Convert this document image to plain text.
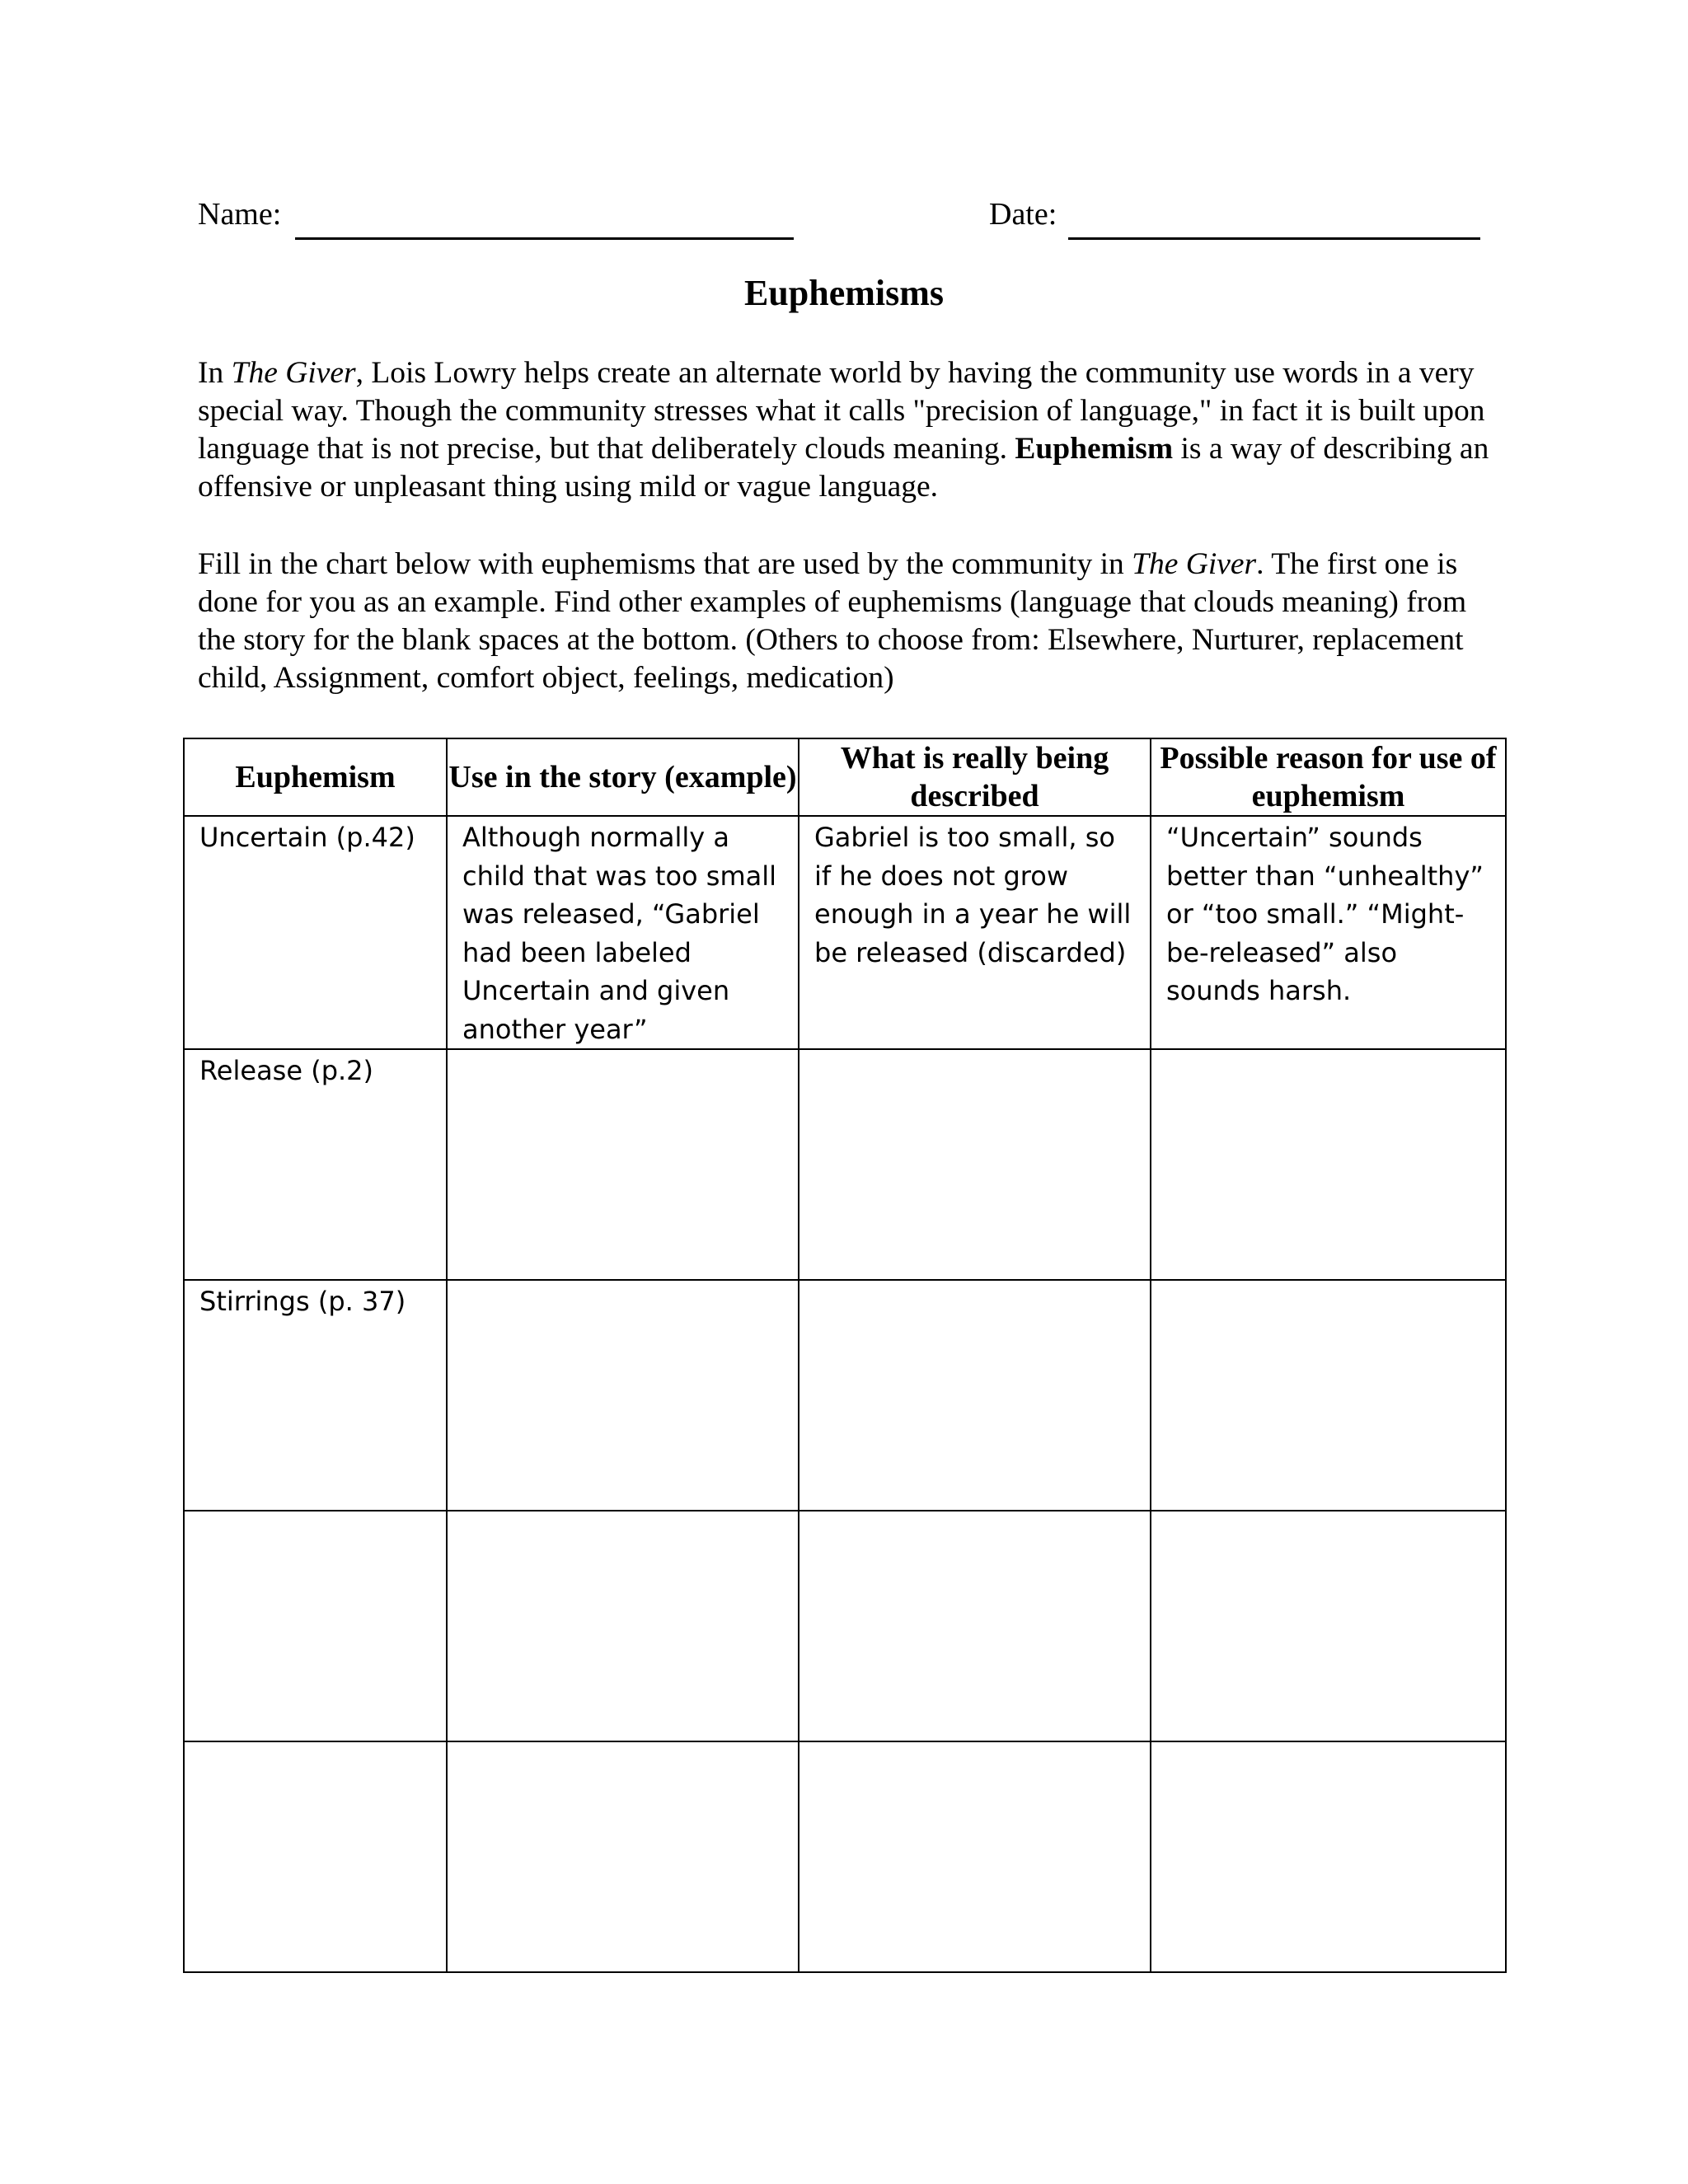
Name:	Date:
Euphemisms

In The Giver, Lois Lowry helps create an alternate world by having the community use words in a very special way. Though the community stresses what it calls "precision of language," in fact it is built upon language that is not precise, but that deliberately clouds meaning. Euphemism is a way of describing an offensive or unpleasant thing using mild or vague language.

Fill in the chart below with euphemisms that are used by the community in The Giver. The first one is done for you as an example. Find other examples of euphemisms (language that clouds meaning) from the story for the blank spaces at the bottom. (Others to choose from: Elsewhere, Nurturer, replacement child, Assignment, comfort object, feelings, medication)

Euphemism	Use in the story (example)	What is really being described	Possible reason for use of euphemism
Uncertain (p.42)	Although normally a child that was too small was released, “Gabriel had been labeled Uncertain and given another year”	Gabriel is too small, so if he does not grow enough in a year he will be released (discarded)	“Uncertain” sounds better than “unhealthy” or “too small.” “Might-be-released” also sounds harsh.
Release (p.2)			
Stirrings (p. 37)			
